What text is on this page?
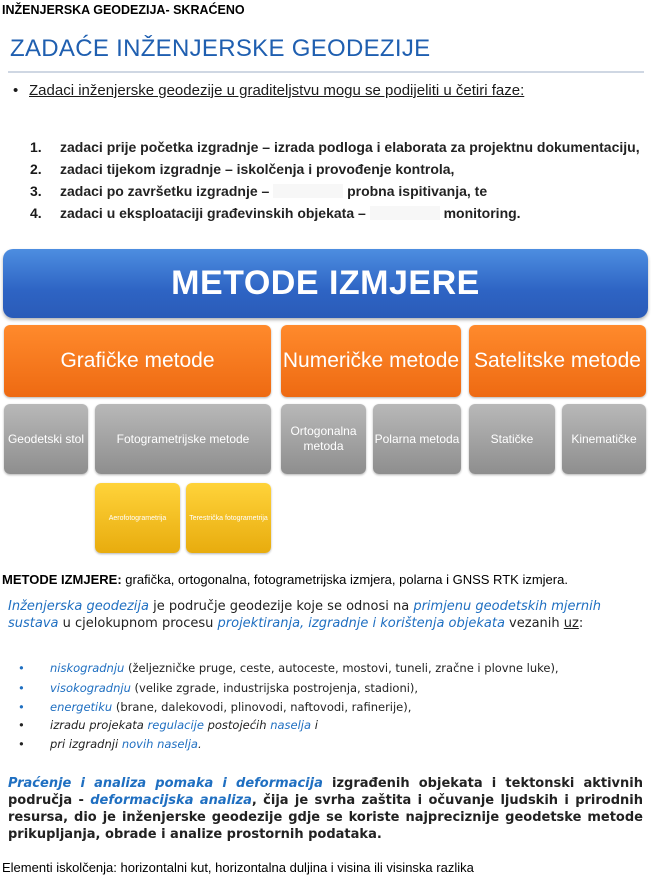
INŽENJERSKA GEODEZIJA- SKRAĆENO
ZADAĆE INŽENJERSKE GEODEZIJE
• Zadaci inženjerske geodezije u graditeljstvu mogu se podijeliti u četiri faze:
1. zadaci prije početka izgradnje – izrada podloga i elaborata za projektnu dokumentaciju,
2. zadaci tijekom izgradnje – iskolčenja i provođenje kontrola,
3. zadaci po završetku izgradnje –	probna ispitivanja, te
4. zadaci u eksploataciji građevinskih objekata –	monitoring.
METODE IZMJERE
Grafičke metode	Numeričke metode Satelitske metode
Geodetski stol	Fotogrametrijske metode
Ortogonalna metoda
Polarna metoda	Statičke	Kinematičke
Aerofotogrametrija	Terestrička fotogrametrija
METODE IZMJERE: grafička, ortogonalna, fotogrametrijska izmjera, polarna i GNSS RTK izmjera.
Inženjerska geodezija je područje geodezije koje se odnosi na primjenu geodetskih mjernih sustava u cjelokupnom procesu projektiranja, izgradnje i korištenja objekata vezanih uz:
• niskogradnju (željezničke pruge, ceste, autoceste, mostovi, tuneli, zračne i plovne luke),
• visokogradnju (velike zgrade, industrijska postrojenja, stadioni),
• energetiku (brane, dalekovodi, plinovodi, naftovodi, rafinerije),
• izradu projekata regulacije postojećih naselja i
• pri izgradnji novih naselja.
Praćenje i analiza pomaka i deformacija izgrađenih objekata i tektonski aktivnih područja - deformacijska analiza, čija je svrha zaštita i očuvanje ljudskih i prirodnih resursa, dio je inženjerske geodezije gdje se koriste najpreciznije geodetske metode prikupljanja, obrade i analize prostornih podataka.
Elementi iskolčenja: horizontalni kut, horizontalna duljina i visina ili visinska razlika
